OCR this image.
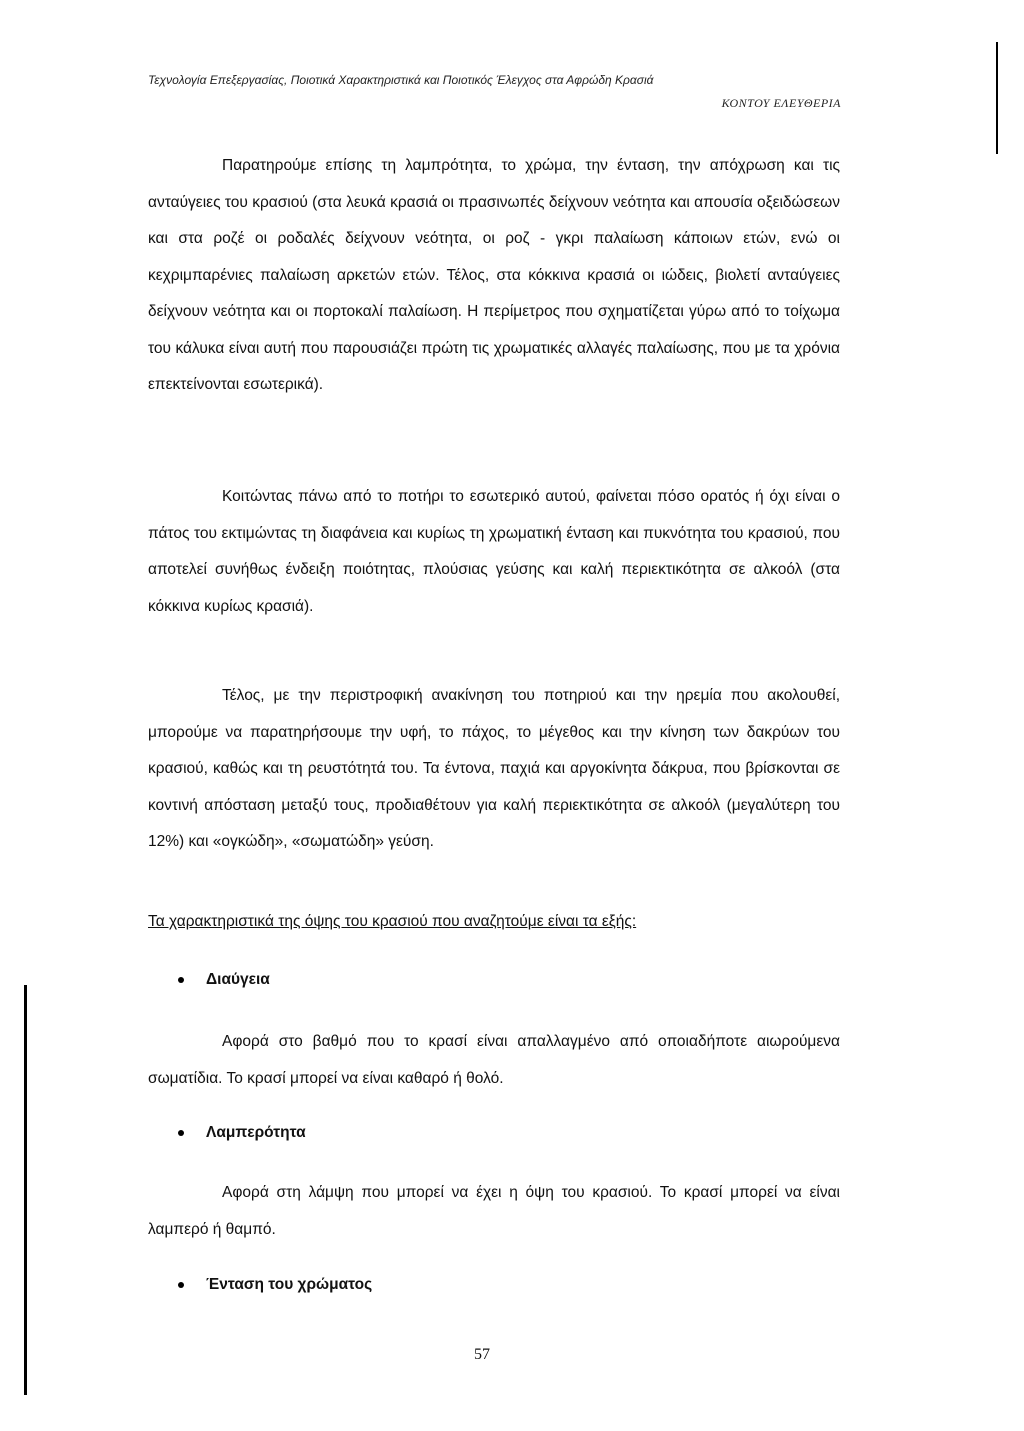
Τεχνολογία Επεξεργασίας, Ποιοτικά Χαρακτηριστικά και Ποιοτικός Έλεγχος στα Αφρώδη Κρασιά
ΚΟΝΤΟΥ ΕΛΕΥΘΕΡΙΑ

Παρατηρούμε επίσης τη λαμπρότητα, το χρώμα, την ένταση, την απόχρωση και τις ανταύγειες του κρασιού (στα λευκά κρασιά οι πρασινωπές δείχνουν νεότητα και απουσία οξειδώσεων και στα ροζέ οι ροδαλές δείχνουν νεότητα, οι ροζ - γκρι παλαίωση κάποιων ετών, ενώ οι κεχριμπαρένιες παλαίωση αρκετών ετών. Τέλος, στα κόκκινα κρασιά οι ιώδεις, βιολετί ανταύγειες δείχνουν νεότητα και οι πορτοκαλί παλαίωση. Η περίμετρος που σχηματίζεται γύρω από το τοίχωμα του κάλυκα είναι αυτή που παρουσιάζει πρώτη τις χρωματικές αλλαγές παλαίωσης, που με τα χρόνια επεκτείνονται εσωτερικά).

Κοιτώντας πάνω από το ποτήρι το εσωτερικό αυτού, φαίνεται πόσο ορατός ή όχι είναι ο πάτος του εκτιμώντας τη διαφάνεια και κυρίως τη χρωματική ένταση και πυκνότητα του κρασιού, που αποτελεί συνήθως ένδειξη ποιότητας, πλούσιας γεύσης και καλή περιεκτικότητα σε αλκοόλ (στα κόκκινα κυρίως κρασιά).

Τέλος, με την περιστροφική ανακίνηση του ποτηριού και την ηρεμία που ακολουθεί, μπορούμε να παρατηρήσουμε την υφή, το πάχος, το μέγεθος και την κίνηση των δακρύων του κρασιού, καθώς και τη ρευστότητά του. Τα έντονα, παχιά και αργοκίνητα δάκρυα, που βρίσκονται σε κοντινή απόσταση μεταξύ τους, προδιαθέτουν για καλή περιεκτικότητα σε αλκοόλ (μεγαλύτερη του 12%) και «ογκώδη», «σωματώδη» γεύση.

Τα χαρακτηριστικά της όψης του κρασιού που αναζητούμε είναι τα εξής:
Διαύγεια

Αφορά στο βαθμό που το κρασί είναι απαλλαγμένο από οποιαδήποτε αιωρούμενα σωματίδια. Το κρασί μπορεί να είναι καθαρό ή θολό.

Λαμπερότητα

Αφορά στη λάμψη που μπορεί να έχει η όψη του κρασιού. Το κρασί μπορεί να είναι λαμπερό ή θαμπό.

Ένταση του χρώματος
57
